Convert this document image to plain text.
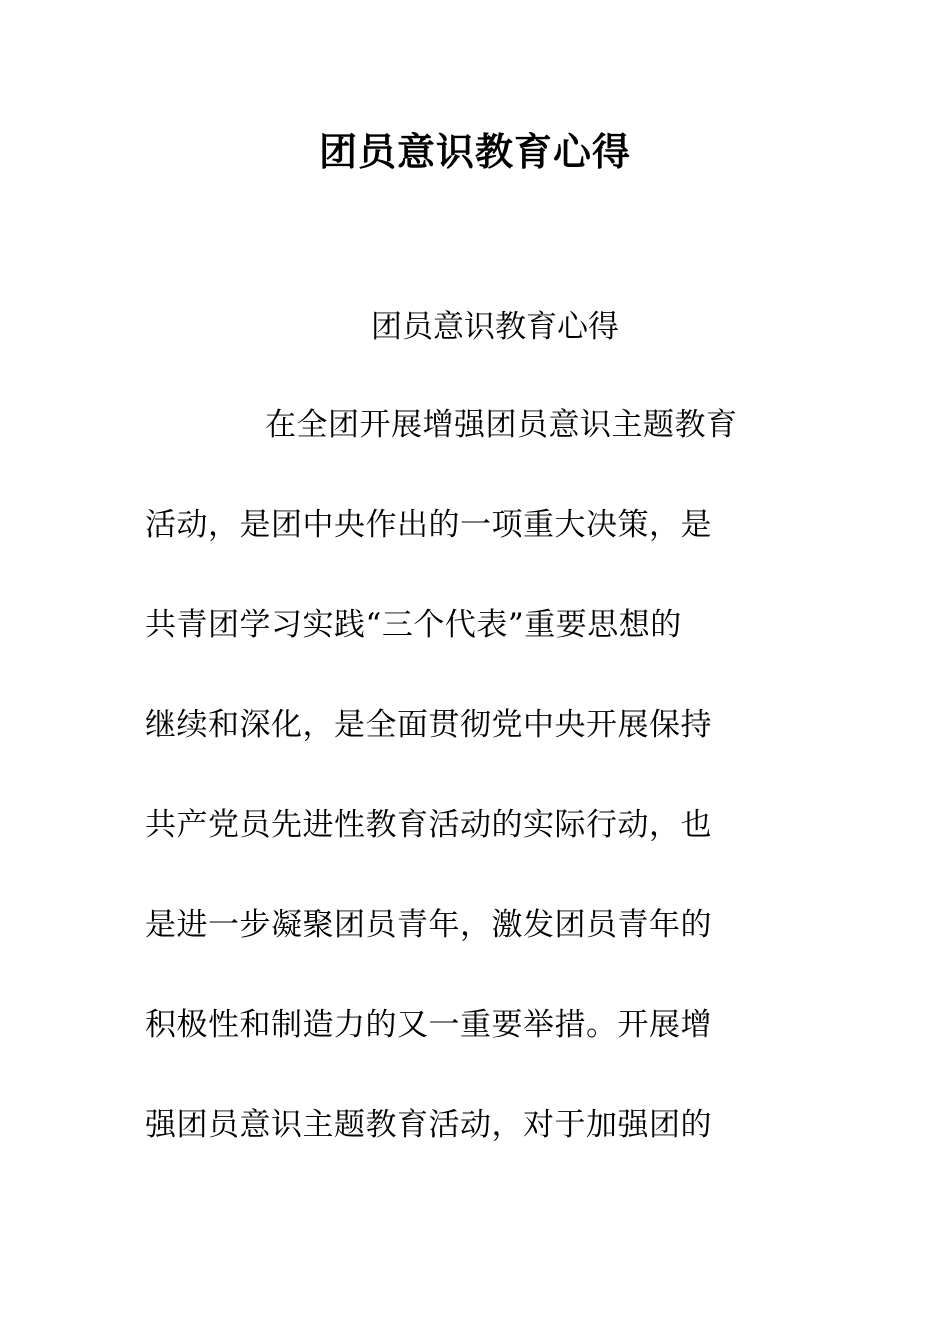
团员意识教育心得
团员意识教育心得
在全团开展增强团员意识主题教育
活动，是团中央作出的一项重大决策，是
共青团学习实践“三个代表”重要思想的
继续和深化，是全面贯彻党中央开展保持
共产党员先进性教育活动的实际行动，也
是进一步凝聚团员青年，激发团员青年的
积极性和制造力的又一重要举措。开展增
强团员意识主题教育活动，对于加强团的
